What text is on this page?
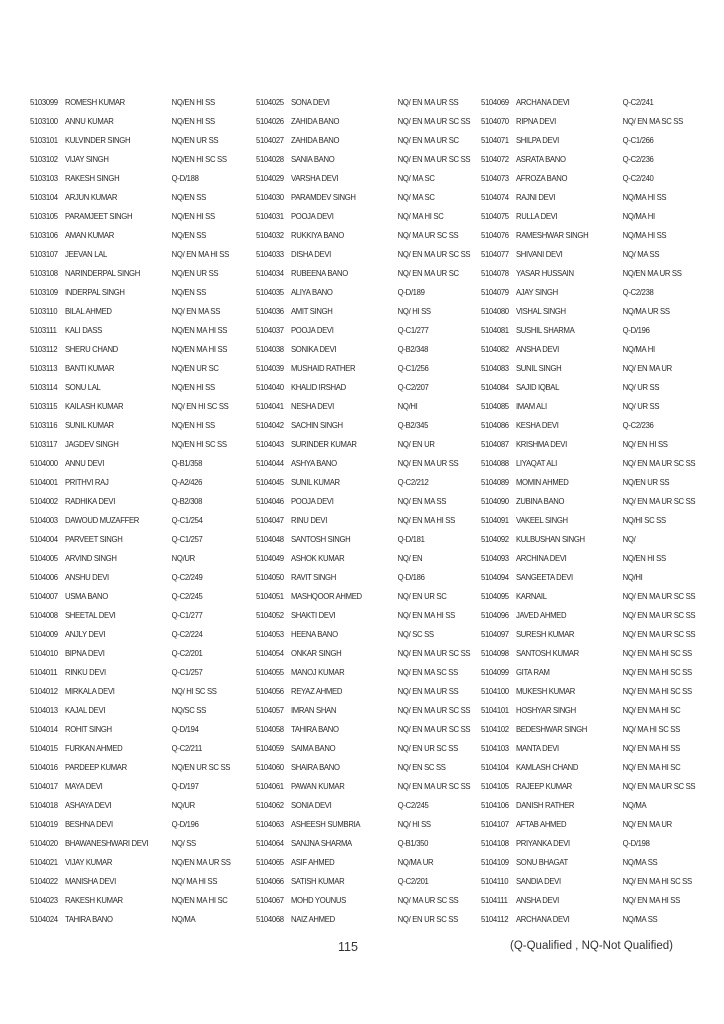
5103099 ROMESH KUMAR	NQ/EN HI SS
5103100 ANNU KUMAR	NQ/EN HI SS
5103101 KULVINDER SINGH	NQ/EN UR SS
5103102 VIJAY SINGH	NQ/EN HI SC SS
5103103 RAKESH SINGH	Q-D/188
5103104 ARJUN KUMAR	NQ/EN SS
5103105 PARAMJEET SINGH	NQ/EN HI SS
5103106 AMAN KUMAR	NQ/EN SS
5103107 JEEVAN LAL	NQ/ EN MA HI SS
5103108 NARINDERPAL SINGH	NQ/EN UR SS
5103109 INDERPAL SINGH	NQ/EN SS
5103110 BILAL AHMED	NQ/ EN MA SS
5103111 KALI DASS	NQ/EN MA HI SS
5103112 SHERU CHAND	NQ/EN MA HI SS
5103113 BANTI KUMAR	NQ/EN UR SC
5103114 SONU LAL	NQ/EN HI SS
5103115 KAILASH KUMAR	NQ/ EN HI SC SS
5103116 SUNIL KUMAR	NQ/EN HI SS
5103117 JAGDEV SINGH	NQ/EN HI SC SS
5104000 ANNU DEVI	Q-B1/358
5104001 PRITHVI RAJ	Q-A2/426
5104002 RADHIKA DEVI	Q-B2/308
5104003 DAWOUD MUZAFFER	Q-C1/254
5104004 PARVEET SINGH	Q-C1/257
5104005 ARVIND SINGH	NQ/UR
5104006 ANSHU DEVI	Q-C2/249
5104007 USMA BANO	Q-C2/245
5104008 SHEETAL DEVI	Q-C1/277
5104009 ANJLY DEVI	Q-C2/224
5104010 BIPNA DEVI	Q-C2/201
5104011 RINKU DEVI	Q-C1/257
5104012 MIRKALA DEVI	NQ/ HI SC SS
5104013 KAJAL DEVI	NQ/SC SS
5104014 ROHIT SINGH	Q-D/194
5104015 FURKAN AHMED	Q-C2/211
5104016 PARDEEP KUMAR	NQ/EN UR SC SS
5104017 MAYA DEVI	Q-D/197
5104018 ASHAYA DEVI	NQ/UR
5104019 BESHNA DEVI	Q-D/196
5104020 BHAWANESHWARI DEVI	NQ/ SS
5104021 VIJAY KUMAR	NQ/EN MA UR SS
5104022 MANISHA DEVI	NQ/ MA HI SS
5104023 RAKESH KUMAR	NQ/EN MA HI SC
5104024 TAHIRA BANO	NQ/MA
5104025 SONA DEVI	NQ/ EN MA UR SS
5104026 ZAHIDA BANO	NQ/ EN MA UR SC SS
5104027 ZAHIDA BANO	NQ/ EN MA UR SC
5104028 SANIA BANO	NQ/ EN MA UR SC SS
5104029 VARSHA DEVI	NQ/ MA SC
5104030 PARAMDEV SINGH	NQ/ MA SC
5104031 POOJA DEVI	NQ/ MA HI SC
5104032 RUKKIYA BANO	NQ/ MA UR SC SS
5104033 DISHA DEVI	NQ/ EN MA UR SC SS
5104034 RUBEENA BANO	NQ/ EN MA UR SC
5104035 ALIYA BANO	Q-D/189
5104036 AMIT SINGH	NQ/ HI SS
5104037 POOJA DEVI	Q-C1/277
5104038 SONIKA DEVI	Q-B2/348
5104039 MUSHAID RATHER	Q-C1/256
5104040 KHALID IRSHAD	Q-C2/207
5104041 NESHA DEVI	NQ/HI
5104042 SACHIN SINGH	Q-B2/345
5104043 SURINDER KUMAR	NQ/ EN UR
5104044 ASHYA BANO	NQ/ EN MA UR SS
5104045 SUNIL KUMAR	Q-C2/212
5104046 POOJA DEVI	NQ/ EN MA SS
5104047 RINU DEVI	NQ/ EN MA HI SS
5104048 SANTOSH SINGH	Q-D/181
5104049 ASHOK KUMAR	NQ/ EN
5104050 RAVIT SINGH	Q-D/186
5104051 MASHQOOR AHMED	NQ/ EN UR SC
5104052 SHAKTI DEVI	NQ/ EN MA HI SS
5104053 HEENA BANO	NQ/ SC SS
5104054 ONKAR SINGH	NQ/ EN MA UR SC SS
5104055 MANOJ KUMAR	NQ/ EN MA SC SS
5104056 REYAZ AHMED	NQ/ EN MA UR SS
5104057 IMRAN SHAN	NQ/ EN MA UR SC SS
5104058 TAHIRA BANO	NQ/ EN MA UR SC SS
5104059 SAIMA BANO	NQ/ EN UR SC SS
5104060 SHAIRA BANO	NQ/ EN SC SS
5104061 PAWAN KUMAR	NQ/ EN MA UR SC SS
5104062 SONIA DEVI	Q-C2/245
5104063 ASHEESH SUMBRIA	NQ/ HI SS
5104064 SANJNA SHARMA	Q-B1/350
5104065 ASIF AHMED	NQ/MA UR
5104066 SATISH KUMAR	Q-C2/201
5104067 MOHD YOUNUS	NQ/ MA UR SC SS
5104068 NAIZ AHMED	NQ/ EN UR SC SS
5104069 ARCHANA DEVI	Q-C2/241
5104070 RIPNA DEVI	NQ/ EN MA SC SS
5104071 SHILPA DEVI	Q-C1/266
5104072 ASRATA BANO	Q-C2/236
5104073 AFROZA BANO	Q-C2/240
5104074 RAJNI DEVI	NQ/MA HI SS
5104075 RULLA DEVI	NQ/MA HI
5104076 RAMESHWAR SINGH	NQ/MA HI SS
5104077 SHIVANI DEVI	NQ/ MA SS
5104078 YASAR HUSSAIN	NQ/EN MA UR SS
5104079 AJAY SINGH	Q-C2/238
5104080 VISHAL SINGH	NQ/MA UR SS
5104081 SUSHIL SHARMA	Q-D/196
5104082 ANSHA DEVI	NQ/MA HI
5104083 SUNIL SINGH	NQ/ EN MA UR
5104084 SAJID IQBAL	NQ/ UR SS
5104085 IMAM ALI	NQ/ UR SS
5104086 KESHA DEVI	Q-C2/236
5104087 KRISHMA DEVI	NQ/ EN HI SS
5104088 LIYAQAT ALI	NQ/ EN MA UR SC SS
5104089 MOMIN AHMED	NQ/EN UR SS
5104090 ZUBINA BANO	NQ/ EN MA UR SC SS
5104091 VAKEEL SINGH	NQ/HI SC SS
5104092 KULBUSHAN SINGH	NQ/
5104093 ARCHINA DEVI	NQ/EN HI SS
5104094 SANGEETA DEVI	NQ/HI
5104095 KARNAIL	NQ/ EN MA UR SC SS
5104096 JAVED AHMED	NQ/ EN MA UR SC SS
5104097 SURESH KUMAR	NQ/ EN MA UR SC SS
5104098 SANTOSH KUMAR	NQ/ EN MA HI SC SS
5104099 GITA RAM	NQ/ EN MA HI SC SS
5104100 MUKESH KUMAR	NQ/ EN MA HI SC SS
5104101 HOSHYAR SINGH	NQ/ EN MA HI SC
5104102 BEDESHWAR SINGH	NQ/ MA HI SC SS
5104103 MANTA DEVI	NQ/ EN MA HI SS
5104104 KAMLASH CHAND	NQ/ EN MA HI SC
5104105 RAJEEP KUMAR	NQ/ EN MA UR SC SS
5104106 DANISH RATHER	NQ/MA
5104107 AFTAB AHMED	NQ/ EN MA UR
5104108 PRIYANKA DEVI	Q-D/198
5104109 SONU BHAGAT	NQ/MA SS
5104110 SANDIA DEVI	NQ/ EN MA HI SC SS
5104111 ANSHA DEVI	NQ/ EN MA HI SS
5104112 ARCHANA DEVI	NQ/MA SS
115	(Q-Qualified , NQ-Not Qualified)
